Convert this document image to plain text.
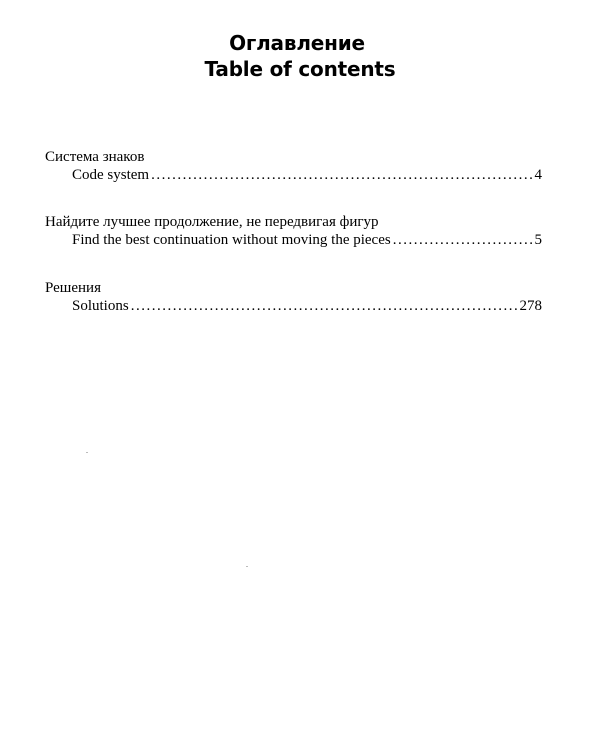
Оглавление
Table of contents
Система знаков
Code system .....	4
Найдите лучшее продолжение, не передвигая фигур
Find the best continuation without moving the pieces .....	5
Решения
Solutions .....	278
